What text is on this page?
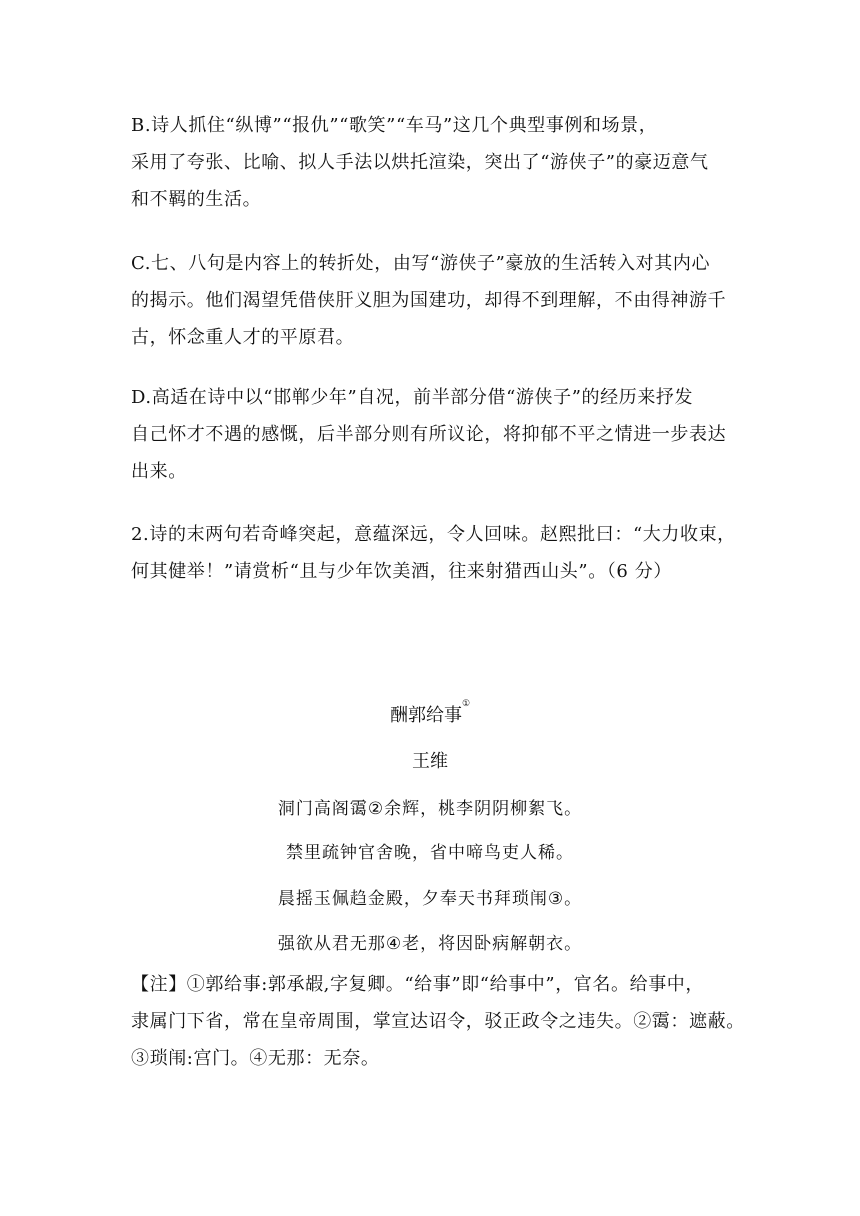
B.诗人抓住“纵博”“报仇”“歌笑”“车马”这几个典型事例和场景，
采用了夸张、比喻、拟人手法以烘托渲染，突出了“游侠子”的豪迈意气
和不羁的生活。
C.七、八句是内容上的转折处，由写“游侠子”豪放的生活转入对其内心
的揭示。他们渴望凭借侠肝义胆为国建功，却得不到理解，不由得神游千
古，怀念重人才的平原君。
D.高适在诗中以“邯郸少年”自况，前半部分借“游侠子”的经历来抒发
自己怀才不遇的感慨，后半部分则有所议论，将抑郁不平之情进一步表达
出来。
2.诗的末两句若奇峰突起，意蕴深远，令人回味。赵熙批曰：“大力收束，
何其健举！”请赏析“且与少年饮美酒，往来射猎西山头”。（6 分）

酬郭给事①

王维

洞门高阁霭②余辉，桃李阴阴柳絮飞。

禁里疏钟官舍晚，省中啼鸟吏人稀。

晨摇玉佩趋金殿，夕奉天书拜琐闱③。

强欲从君无那④老，将因卧病解朝衣。

【注】①郭给事:郭承嘏,字复卿。“给事”即“给事中”，官名。给事中，
隶属门下省，常在皇帝周围，掌宣达诏令，驳正政令之违失。②霭：遮蔽。
③琐闱:宫门。④无那：无奈。
